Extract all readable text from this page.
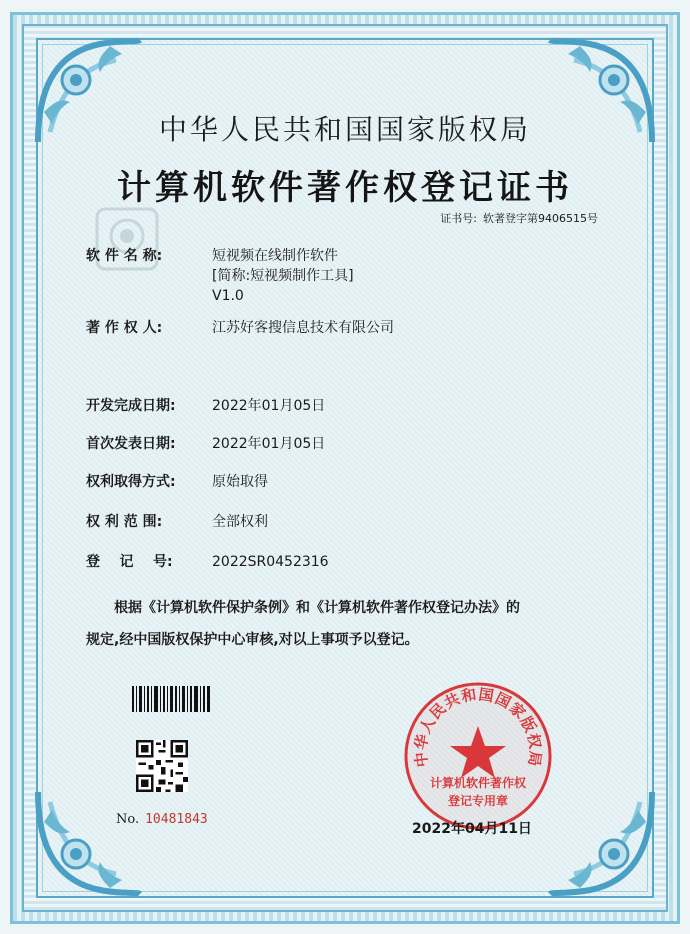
中华人民共和国国家版权局
计算机软件著作权登记证书
证书号: 软著登字第9406515号
软 件 名 称:	短视频在线制作软件
[简称:短视频制作工具]
V1.0
著 作 权 人:	江苏好客搜信息技术有限公司
开发完成日期:	2022年01月05日
首次发表日期:	2022年01月05日
权利取得方式:	原始取得
权 利 范 围:	全部权利
登    记    号:	2022SR0452316
根据《计算机软件保护条例》和《计算机软件著作权登记办法》的
规定,经中国版权保护中心审核,对以上事项予以登记。
No. 10481843
中华人民共和国国家版权局
计算机软件著作权
登记专用章
2022年04月11日
